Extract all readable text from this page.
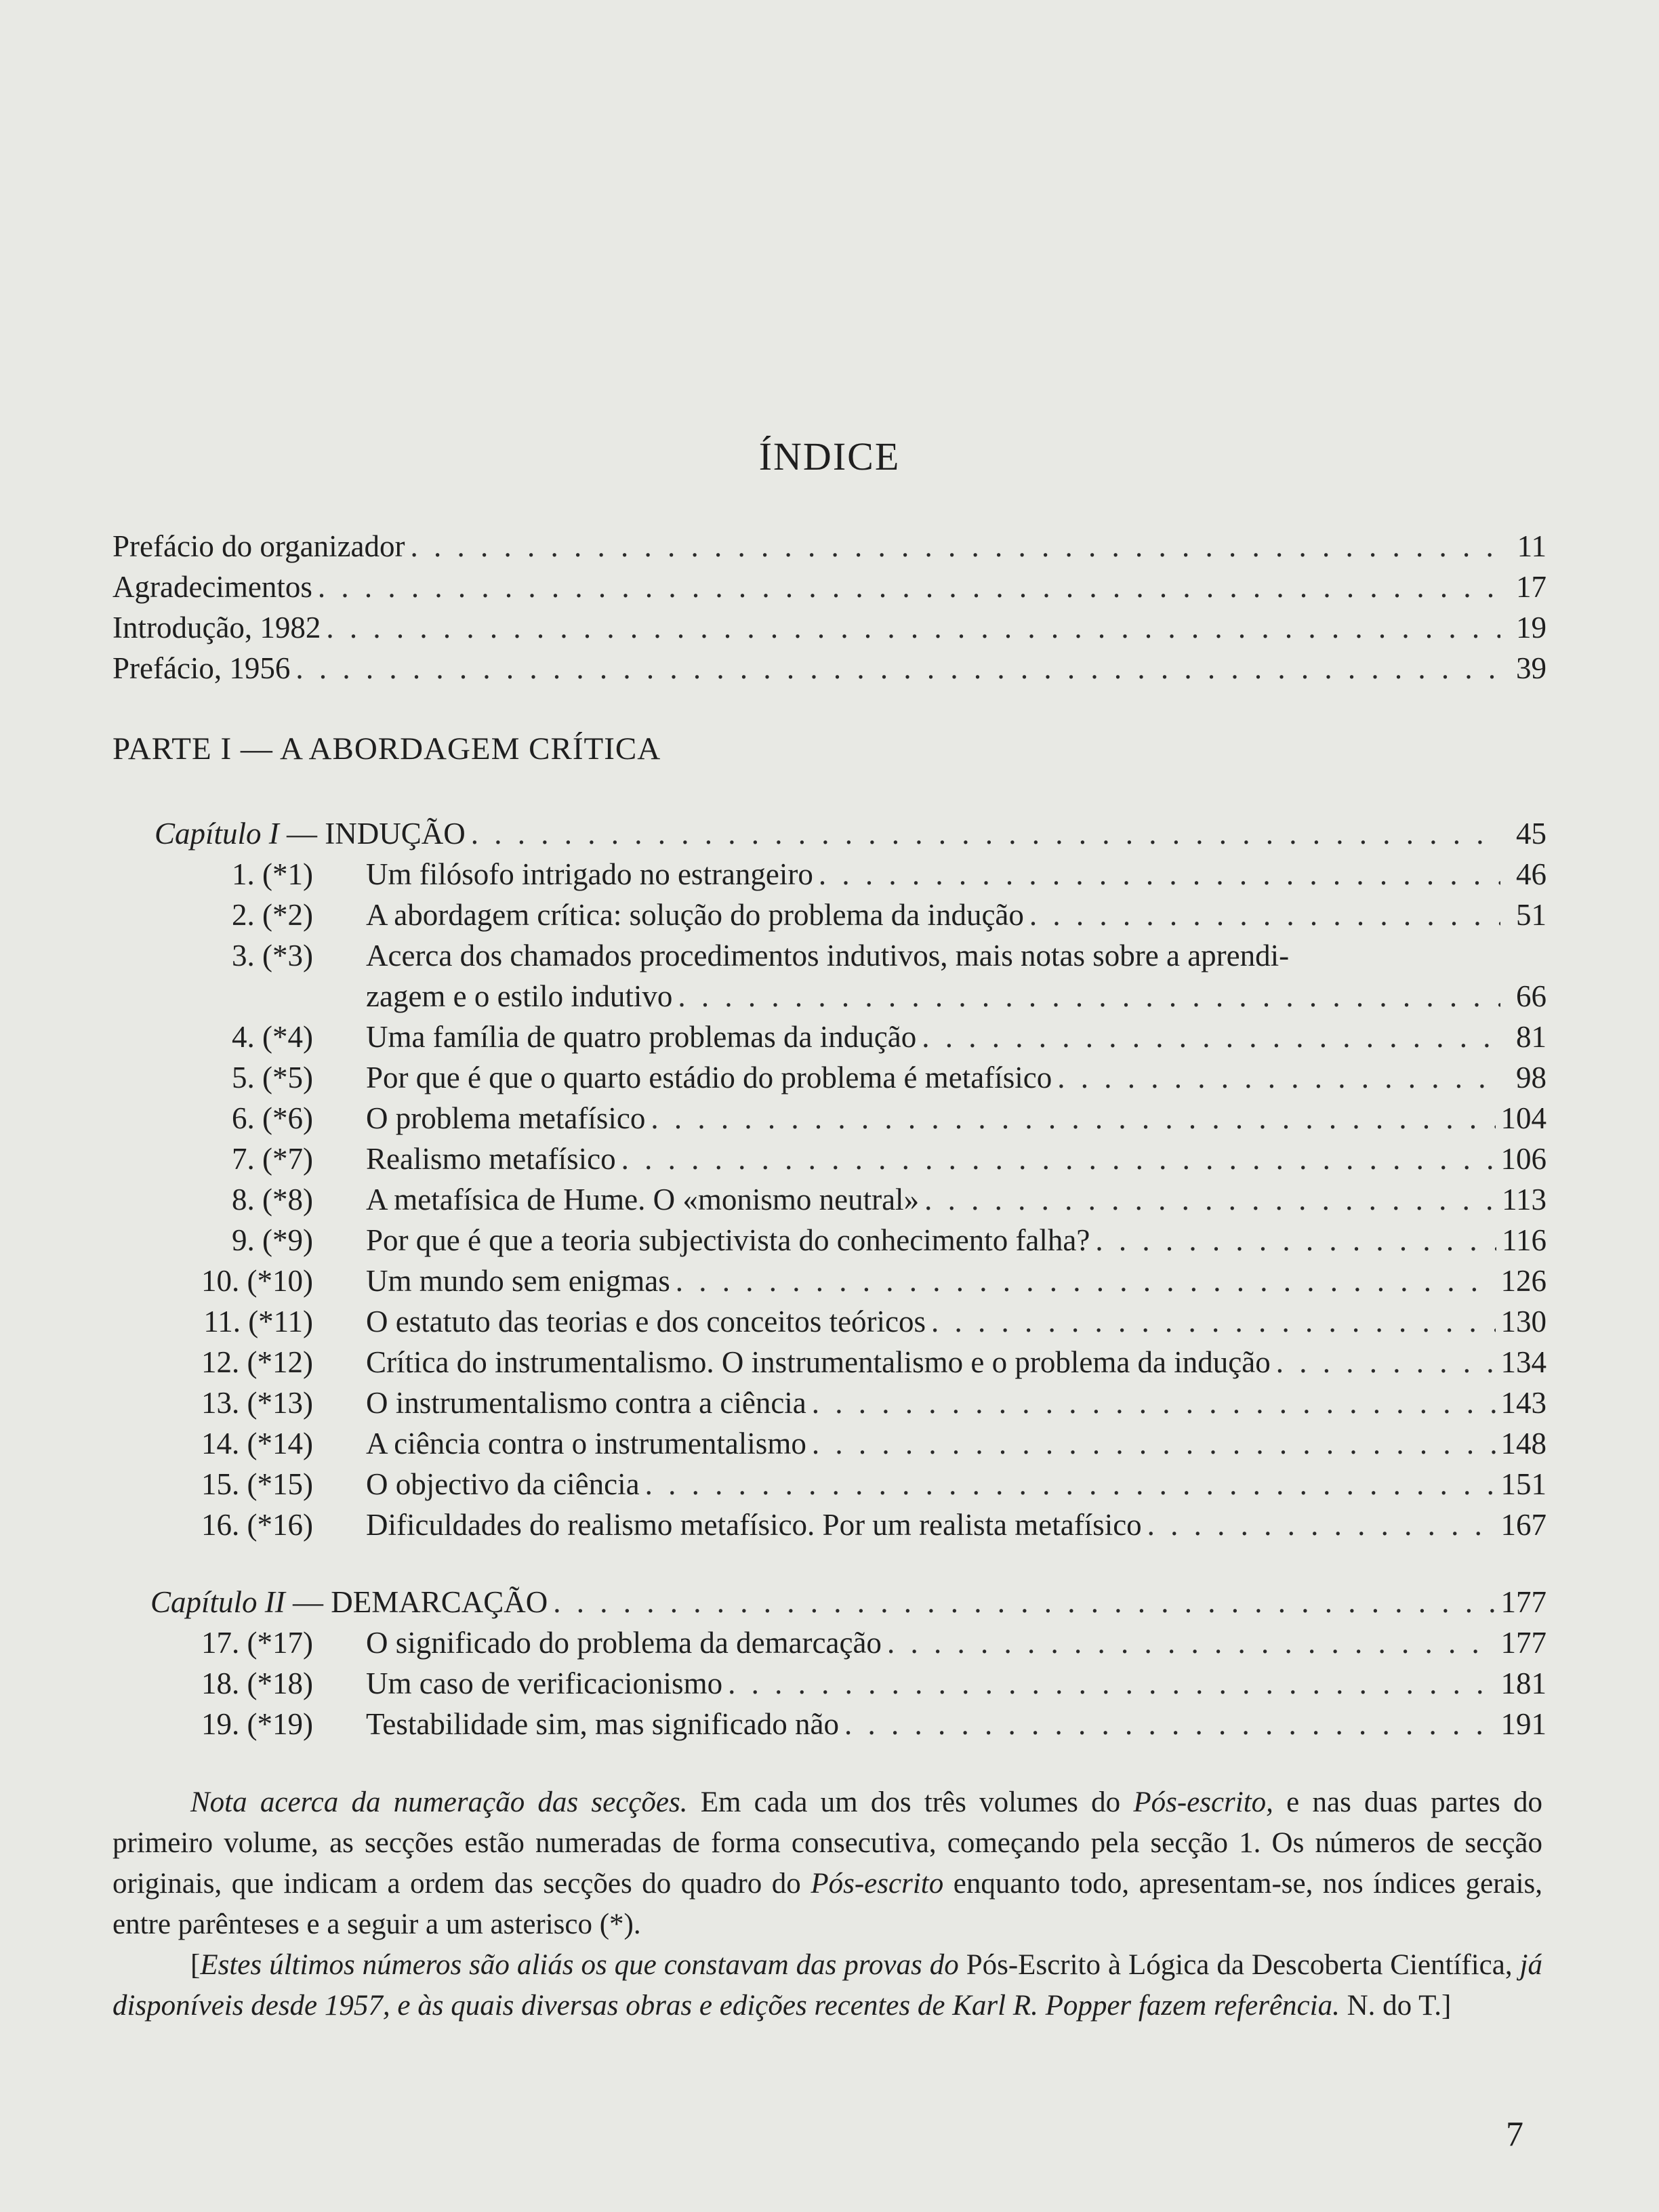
ÍNDICE
Prefácio do organizador . . .	11
Agradecimentos . . .	17
Introdução, 1982 . . .	19
Prefácio, 1956 . . .	39
PARTE I — A ABORDAGEM CRÍTICA
Capítulo I — INDUÇÃO . . .	45
1. (*1) Um filósofo intrigado no estrangeiro . . .	46
2. (*2) A abordagem crítica: solução do problema da indução . . .	51
3. (*3) Acerca dos chamados procedimentos indutivos, mais notas sobre a aprendi-
zagem e o estilo indutivo . . .	66
4. (*4) Uma família de quatro problemas da indução . . .	81
5. (*5) Por que é que o quarto estádio do problema é metafísico . . .	98
6. (*6) O problema metafísico . . .	104
7. (*7) Realismo metafísico . . .	106
8. (*8) A metafísica de Hume. O «monismo neutral» . . .	113
9. (*9) Por que é que a teoria subjectivista do conhecimento falha? . . .	116
10. (*10) Um mundo sem enigmas . . .	126
11. (*11) O estatuto das teorias e dos conceitos teóricos . . .	130
12. (*12) Crítica do instrumentalismo. O instrumentalismo e o problema da indução . . .	134
13. (*13) O instrumentalismo contra a ciência . . .	143
14. (*14) A ciência contra o instrumentalismo . . .	148
15. (*15) O objectivo da ciência . . .	151
16. (*16) Dificuldades do realismo metafísico. Por um realista metafísico . . .	167
Capítulo II — DEMARCAÇÃO . . .	177
17. (*17) O significado do problema da demarcação . . .	177
18. (*18) Um caso de verificacionismo . . .	181
19. (*19) Testabilidade sim, mas significado não . . .	191

Nota acerca da numeração das secções. Em cada um dos três volumes do Pós-escrito, e nas duas partes do primeiro volume, as secções estão numeradas de forma consecutiva, começando pela secção 1. Os números de secção originais, que indicam a ordem das secções do quadro do Pós-escrito enquanto todo, apresentam-se, nos índices gerais, entre parênteses e a seguir a um asterisco (*).

[Estes últimos números são aliás os que constavam das provas do Pós-Escrito à Lógica da Descoberta Científica, já disponíveis desde 1957, e às quais diversas obras e edições recentes de Karl R. Popper fazem referência. N. do T.]

7
